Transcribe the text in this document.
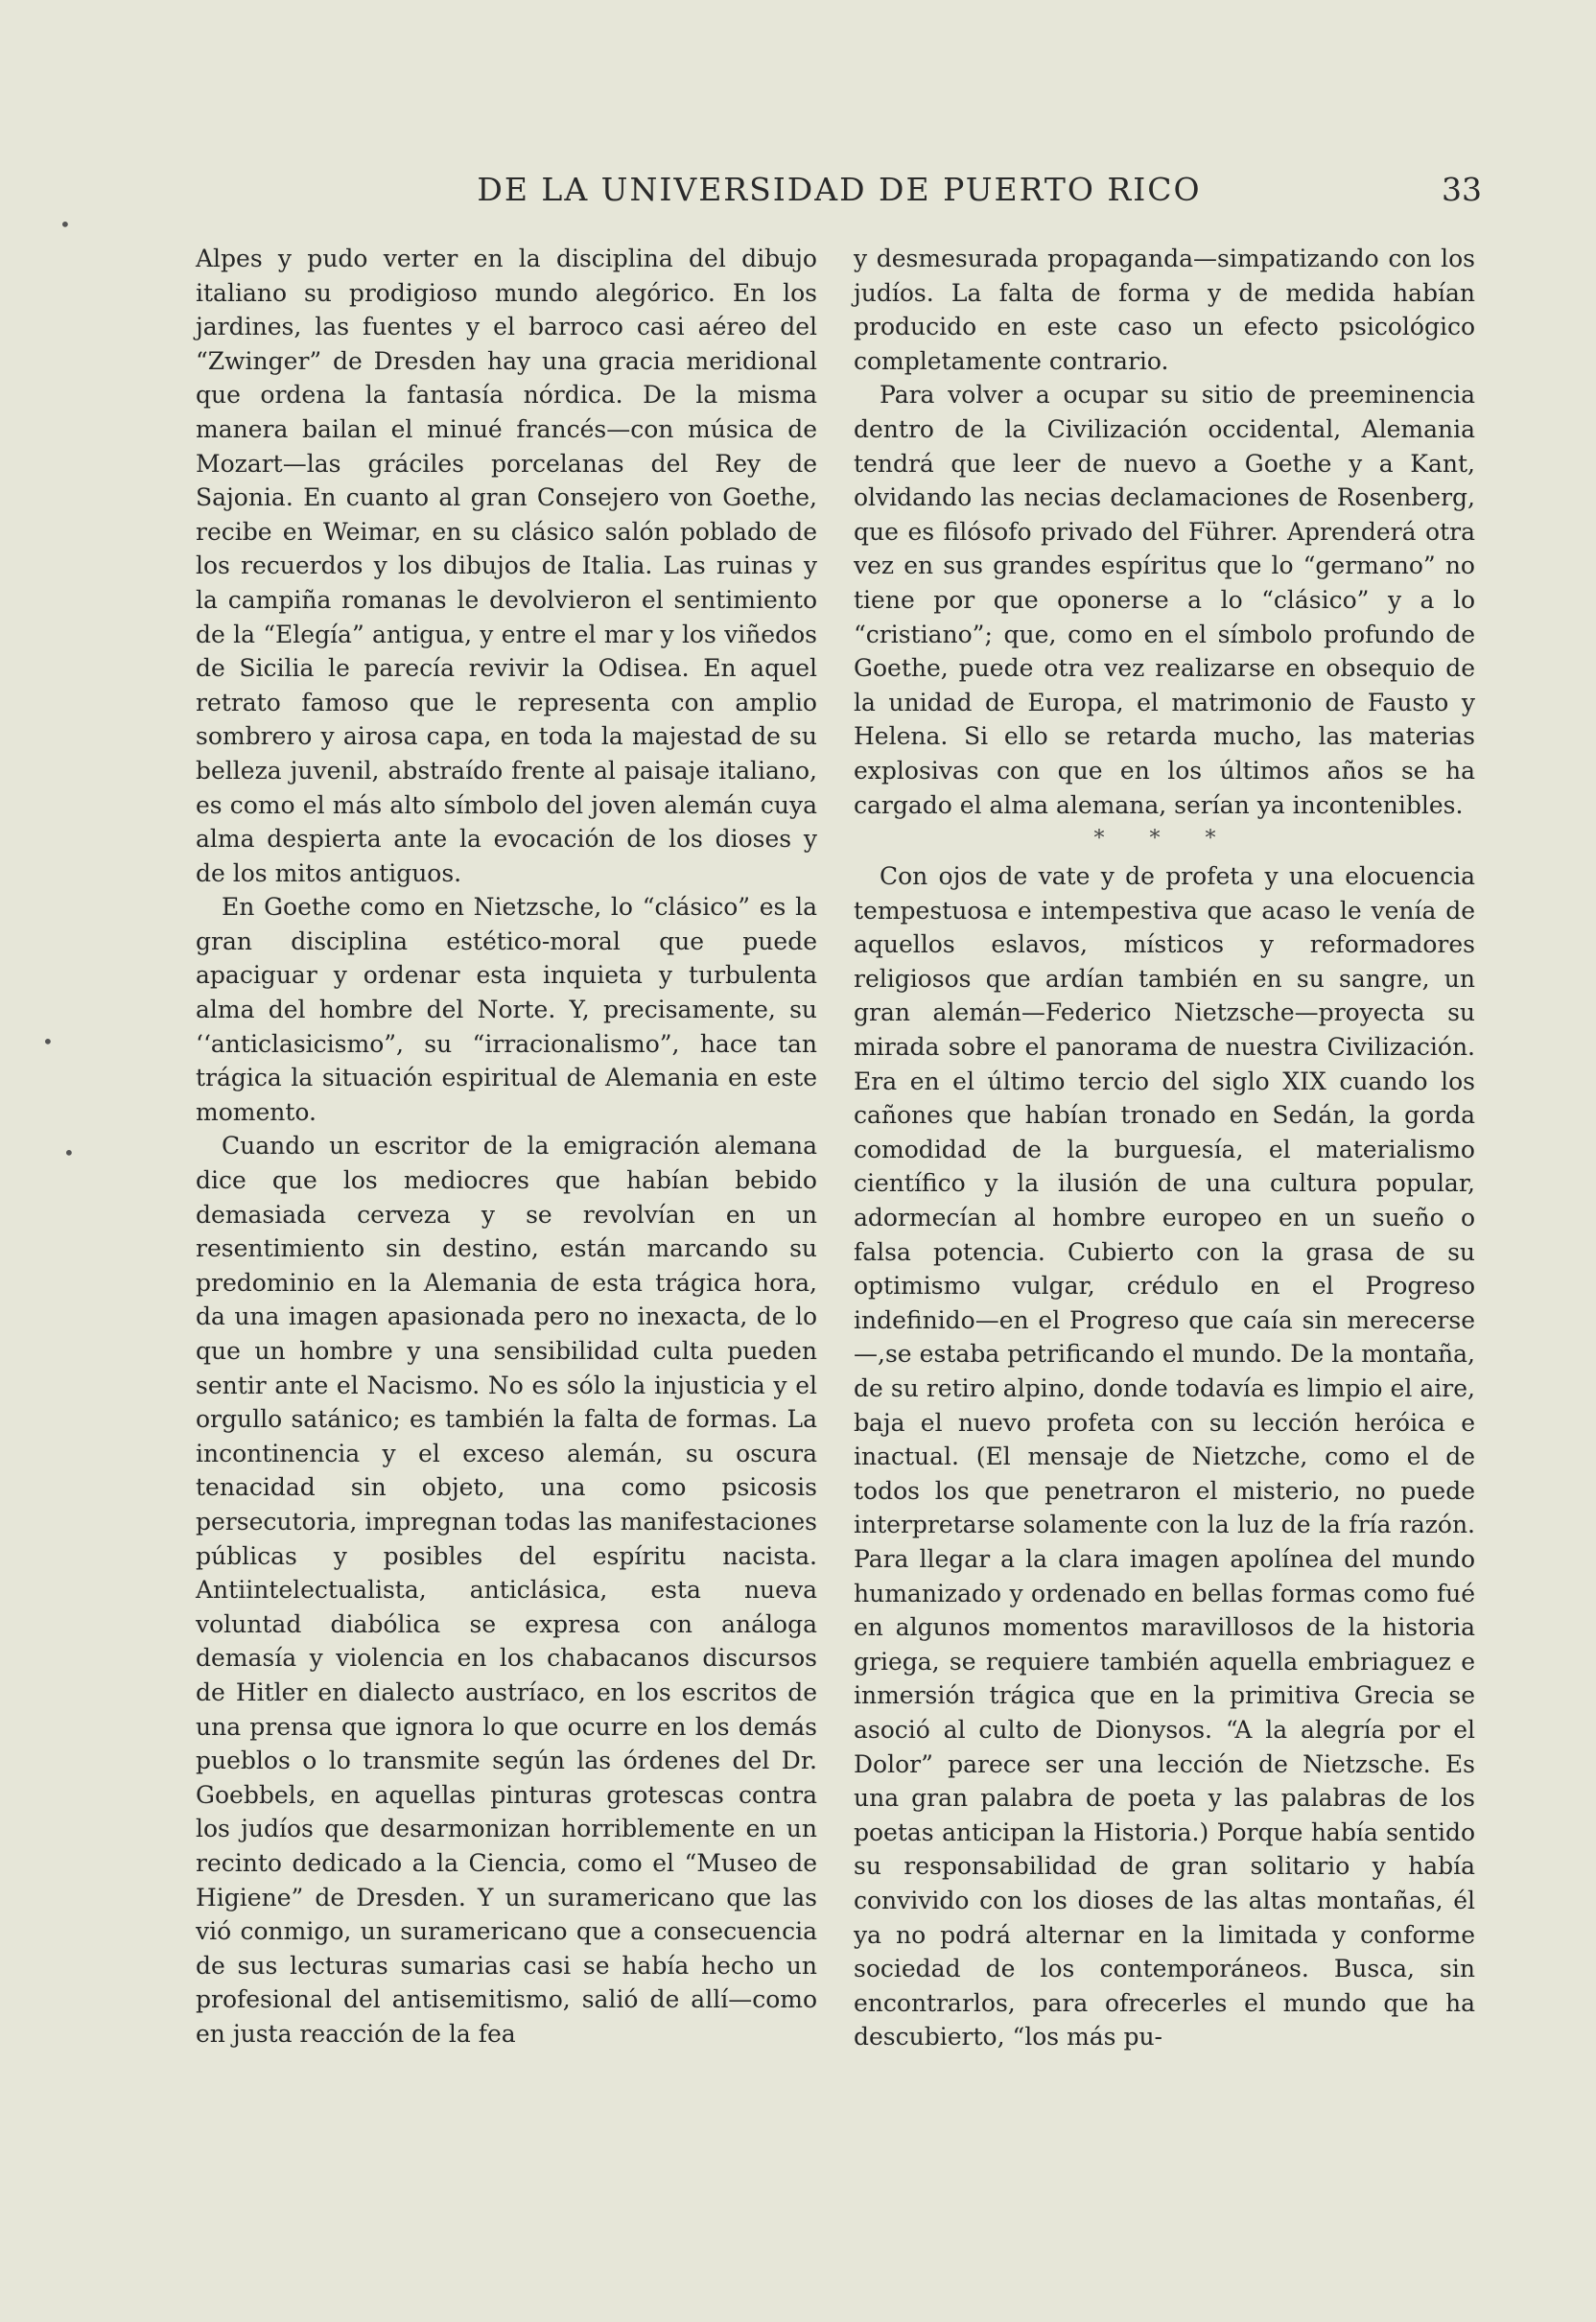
DE LA UNIVERSIDAD DE PUERTO RICO	33

Alpes y pudo verter en la disciplina del dibujo italiano su prodigioso mundo alegórico. En los jardines, las fuentes y el barroco casi aéreo del “Zwinger” de Dresden hay una gracia meridional que ordena la fantasía nórdica. De la misma manera bailan el minué francés—con música de Mozart—las gráciles porcelanas del Rey de Sajonia. En cuanto al gran Consejero von Goethe, recibe en Weimar, en su clásico salón poblado de los recuerdos y los dibujos de Italia. Las ruinas y la campiña romanas le devolvieron el sentimiento de la “Elegía” antigua, y entre el mar y los viñedos de Sicilia le parecía revivir la Odisea. En aquel retrato famoso que le representa con amplio sombrero y airosa capa, en toda la majestad de su belleza juvenil, abstraído frente al paisaje italiano, es como el más alto símbolo del joven alemán cuya alma despierta ante la evocación de los dioses y de los mitos antiguos.

En Goethe como en Nietzsche, lo “clásico” es la gran disciplina estético-moral que puede apaciguar y ordenar esta inquieta y turbulenta alma del hombre del Norte. Y, precisamente, su ‘‘anticlasicismo”, su “irracionalismo”, hace tan trágica la situación espiritual de Alemania en este momento.

Cuando un escritor de la emigración alemana dice que los mediocres que habían bebido demasiada cerveza y se revolvían en un resentimiento sin destino, están marcando su predominio en la Alemania de esta trágica hora, da una imagen apasionada pero no inexacta, de lo que un hombre y una sensibilidad culta pueden sentir ante el Nacismo. No es sólo la injusticia y el orgullo satánico; es también la falta de formas. La incontinencia y el exceso alemán, su oscura tenacidad sin objeto, una como psicosis persecutoria, impregnan todas las manifestaciones públicas y posibles del espíritu nacista. Antiintelectualista, anticlásica, esta nueva voluntad diabólica se expresa con análoga demasía y violencia en los chabacanos discursos de Hitler en dialecto austríaco, en los escritos de una prensa que ignora lo que ocurre en los demás pueblos o lo transmite según las órdenes del Dr. Goebbels, en aquellas pinturas grotescas contra los judíos que desarmonizan horriblemente en un recinto dedicado a la Ciencia, como el “Museo de Higiene” de Dresden. Y un suramericano que las vió conmigo, un suramericano que a consecuencia de sus lecturas sumarias casi se había hecho un profesional del antisemitismo, salió de allí—como en justa reacción de la fea

y desmesurada propaganda—simpatizando con los judíos. La falta de forma y de medida habían producido en este caso un efecto psicológico completamente contrario.

Para volver a ocupar su sitio de preeminencia dentro de la Civilización occidental, Alemania tendrá que leer de nuevo a Goethe y a Kant, olvidando las necias declamaciones de Rosenberg, que es filósofo privado del Führer. Aprenderá otra vez en sus grandes espíritus que lo “germano” no tiene por que oponerse a lo “clásico” y a lo “cristiano”; que, como en el símbolo profundo de Goethe, puede otra vez realizarse en obsequio de la unidad de Europa, el matrimonio de Fausto y Helena. Si ello se retarda mucho, las materias explosivas con que en los últimos años se ha cargado el alma alemana, serían ya incontenibles.

* * *

Con ojos de vate y de profeta y una elocuencia tempestuosa e intempestiva que acaso le venía de aquellos eslavos, místicos y reformadores religiosos que ardían también en su sangre, un gran alemán—Federico Nietzsche—proyecta su mirada sobre el panorama de nuestra Civilización. Era en el último tercio del siglo XIX cuando los cañones que habían tronado en Sedán, la gorda comodidad de la burguesía, el materialismo científico y la ilusión de una cultura popular, adormecían al hombre europeo en un sueño o falsa potencia. Cubierto con la grasa de su optimismo vulgar, crédulo en el Progreso indefinido—en el Progreso que caía sin merecerse—,se estaba petrificando el mundo. De la montaña, de su retiro alpino, donde todavía es limpio el aire, baja el nuevo profeta con su lección heróica e inactual. (El mensaje de Nietzche, como el de todos los que penetraron el misterio, no puede interpretarse solamente con la luz de la fría razón. Para llegar a la clara imagen apolínea del mundo humanizado y ordenado en bellas formas como fué en algunos momentos maravillosos de la historia griega, se requiere también aquella embriaguez e inmersión trágica que en la primitiva Grecia se asoció al culto de Dionysos. “A la alegría por el Dolor” parece ser una lección de Nietzsche. Es una gran palabra de poeta y las palabras de los poetas anticipan la Historia.) Porque había sentido su responsabilidad de gran solitario y había convivido con los dioses de las altas montañas, él ya no podrá alternar en la limitada y conforme sociedad de los contemporáneos. Busca, sin encontrarlos, para ofrecerles el mundo que ha descubierto, “los más pu-

•
•
•
